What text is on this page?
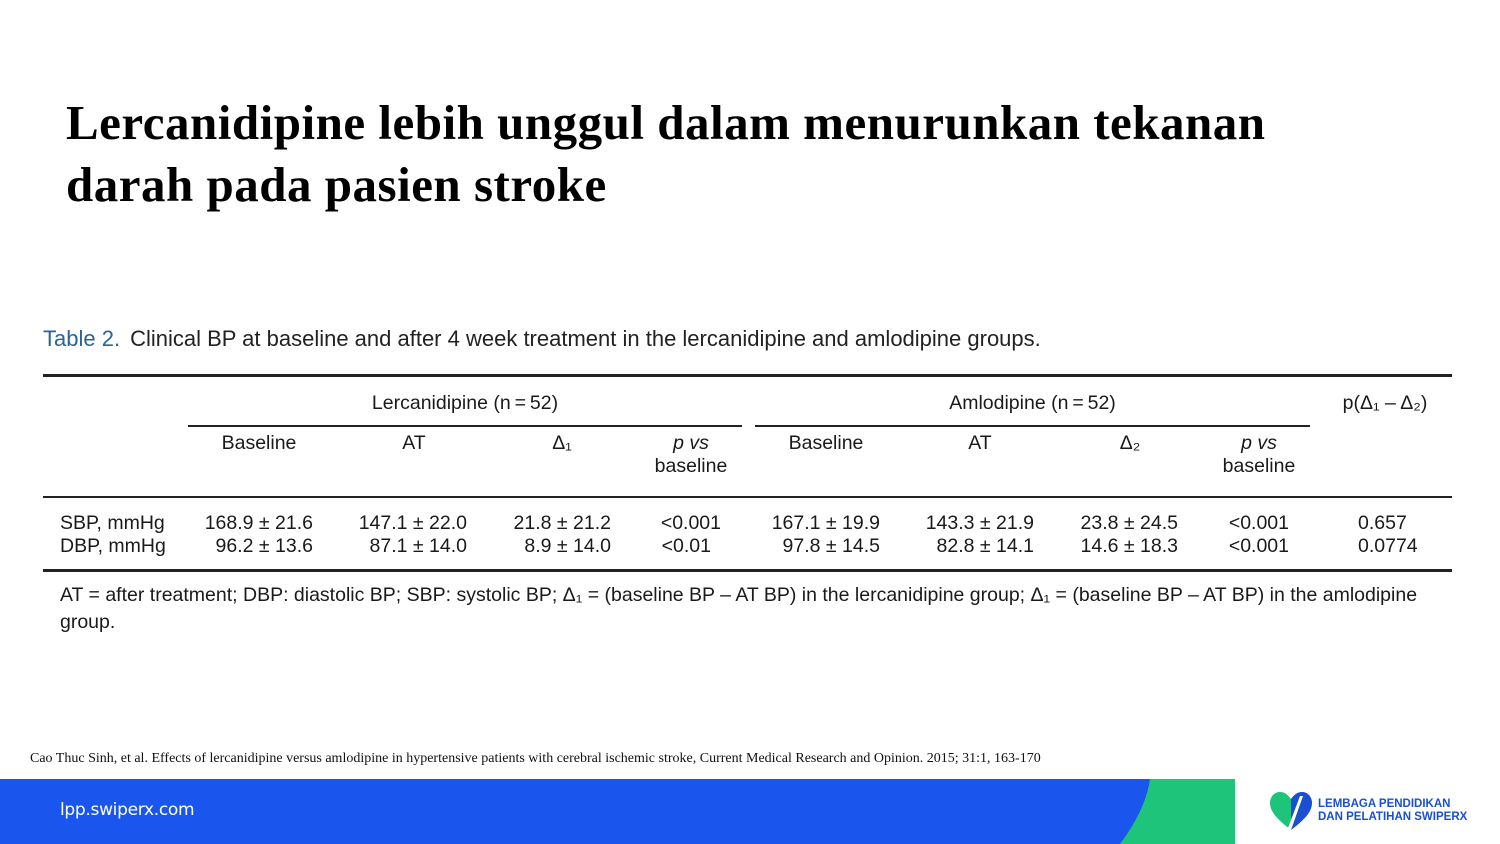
Lercanidipine lebih unggul dalam menurunkan tekanan
darah pada pasien stroke
Table 2. Clinical BP at baseline and after 4 week treatment in the lercanidipine and amlodipine groups.
Lercanidipine (n = 52)	Amlodipine (n = 52)	p(Δ₁ – Δ₂)
Baseline	AT	Δ₁	p vs
baseline
Baseline	AT	Δ₂	p vs
baseline
SBP, mmHg	168.9 ± 21.6	147.1 ± 22.0	21.8 ± 21.2	<0.001	167.1 ± 19.9	143.3 ± 21.9	23.8 ± 24.5	<0.001	0.657
DBP, mmHg	96.2 ± 13.6	87.1 ± 14.0	8.9 ± 14.0	<0.01	97.8 ± 14.5	82.8 ± 14.1	14.6 ± 18.3	<0.001	0.0774
AT = after treatment; DBP: diastolic BP; SBP: systolic BP; Δ₁ = (baseline BP – AT BP) in the lercanidipine group; Δ₁ = (baseline BP – AT BP) in the amlodipine
group.
Cao Thuc Sinh, et al. Effects of lercanidipine versus amlodipine in hypertensive patients with cerebral ischemic stroke, Current Medical Research and Opinion. 2015; 31:1, 163-170
lpp.swiperx.com	LEMBAGA PENDIDIKAN
DAN PELATIHAN SWIPERX
